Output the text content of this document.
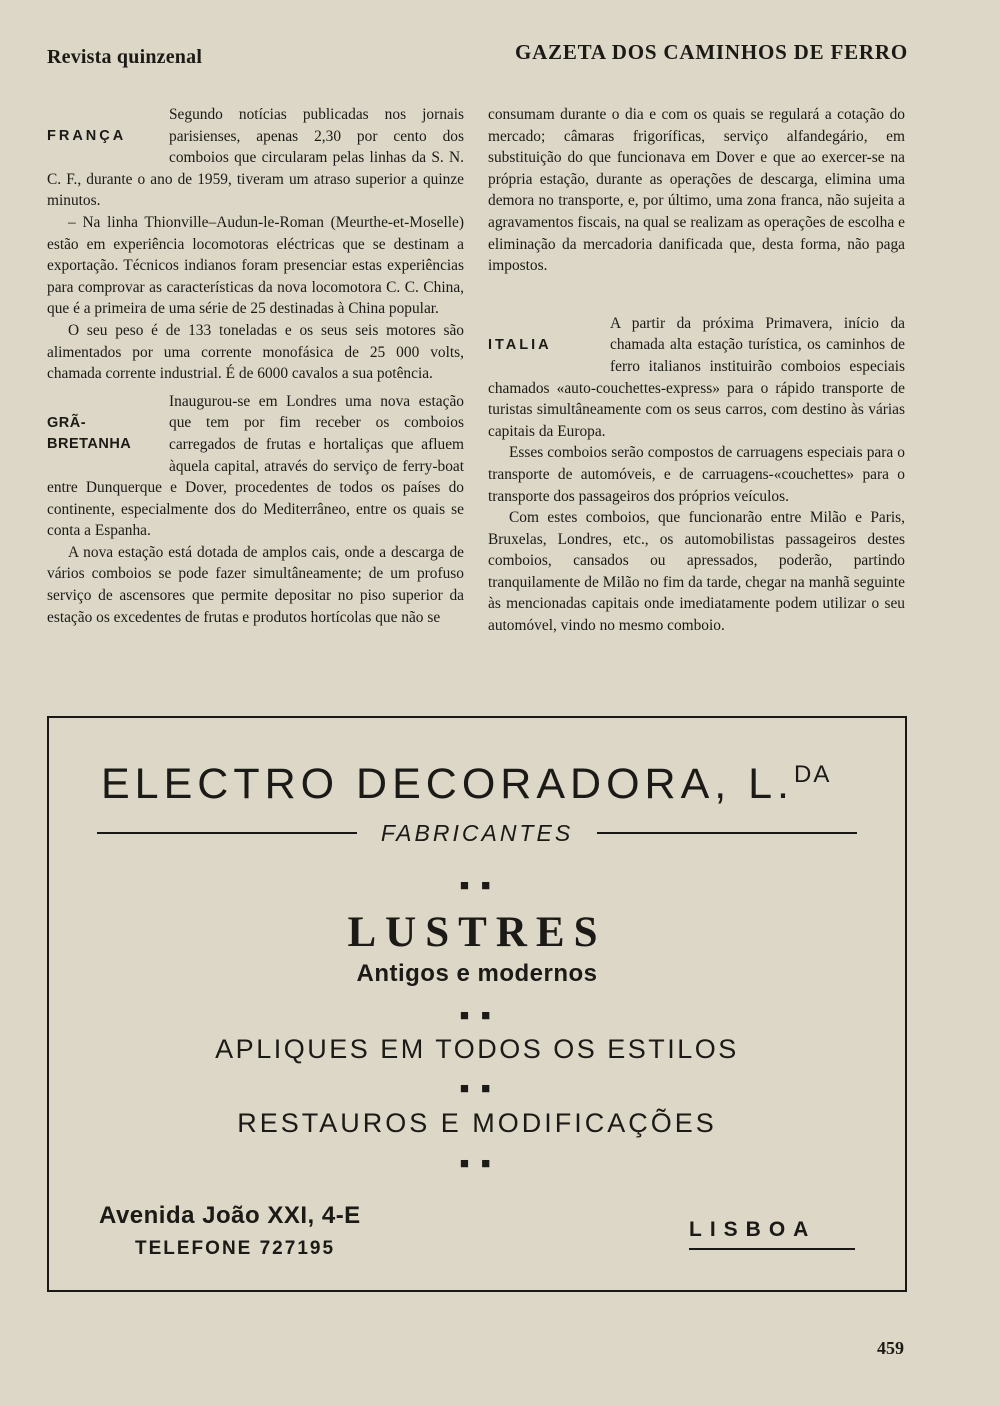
Revista quinzenal	GAZETA DOS CAMINHOS DE FERRO

FRANÇA
Segundo notícias publicadas nos jornais parisienses, apenas 2,30 por cento dos comboios que circularam pelas linhas da S. N. C. F., durante o ano de 1959, tiveram um atraso superior a quinze minutos.

– Na linha Thionville–Audun-le-Roman (Meurthe-et-Moselle) estão em experiência locomotoras eléctricas que se destinam a exportação. Técnicos indianos foram presenciar estas experiências para comprovar as características da nova locomotora C. C. China, que é a primeira de uma série de 25 destinadas à China popular.

O seu peso é de 133 toneladas e os seus seis motores são alimentados por uma corrente monofásica de 25 000 volts, chamada corrente industrial. É de 6000 cavalos a sua potência.

GRÃ-BRETANHA
Inaugurou-se em Londres uma nova estação que tem por fim receber os comboios carregados de frutas e hortaliças que afluem àquela capital, através do serviço de ferry-boat entre Dunquerque e Dover, procedentes de todos os países do continente, especialmente dos do Mediterrâneo, entre os quais se conta a Espanha.

A nova estação está dotada de amplos cais, onde a descarga de vários comboios se pode fazer simultâneamente; de um profuso serviço de ascensores que permite depositar no piso superior da estação os excedentes de frutas e produtos hortícolas que não se

consumam durante o dia e com os quais se regulará a cotação do mercado; câmaras frigoríficas, serviço alfandegário, em substituição do que funcionava em Dover e que ao exercer-se na própria estação, durante as operações de descarga, elimina uma demora no transporte, e, por último, uma zona franca, não sujeita a agravamentos fiscais, na qual se realizam as operações de escolha e eliminação da mercadoria danificada que, desta forma, não paga impostos.

ITALIA
A partir da próxima Primavera, início da chamada alta estação turística, os caminhos de ferro italianos instituirão comboios especiais chamados «auto-couchettes-express» para o rápido transporte de turistas simultâneamente com os seus carros, com destino às várias capitais da Europa.

Esses comboios serão compostos de carruagens especiais para o transporte de automóveis, e de carruagens-«couchettes» para o transporte dos passageiros dos próprios veículos.

Com estes comboios, que funcionarão entre Milão e Paris, Bruxelas, Londres, etc., os automobilistas passageiros destes comboios, cansados ou apressados, poderão, partindo tranquilamente de Milão no fim da tarde, chegar na manhã seguinte às mencionadas capitais onde imediatamente podem utilizar o seu automóvel, vindo no mesmo comboio.

ELECTRO DECORADORA, L.$^{DA}$
FABRICANTES
■ ■
LUSTRES
Antigos e modernos
■ ■
APLIQUES EM TODOS OS ESTILOS
■ ■
RESTAUROS E MODIFICAÇÕES
■ ■
Avenida João XXI, 4-E
TELEFONE 727195
LISBOA
459
